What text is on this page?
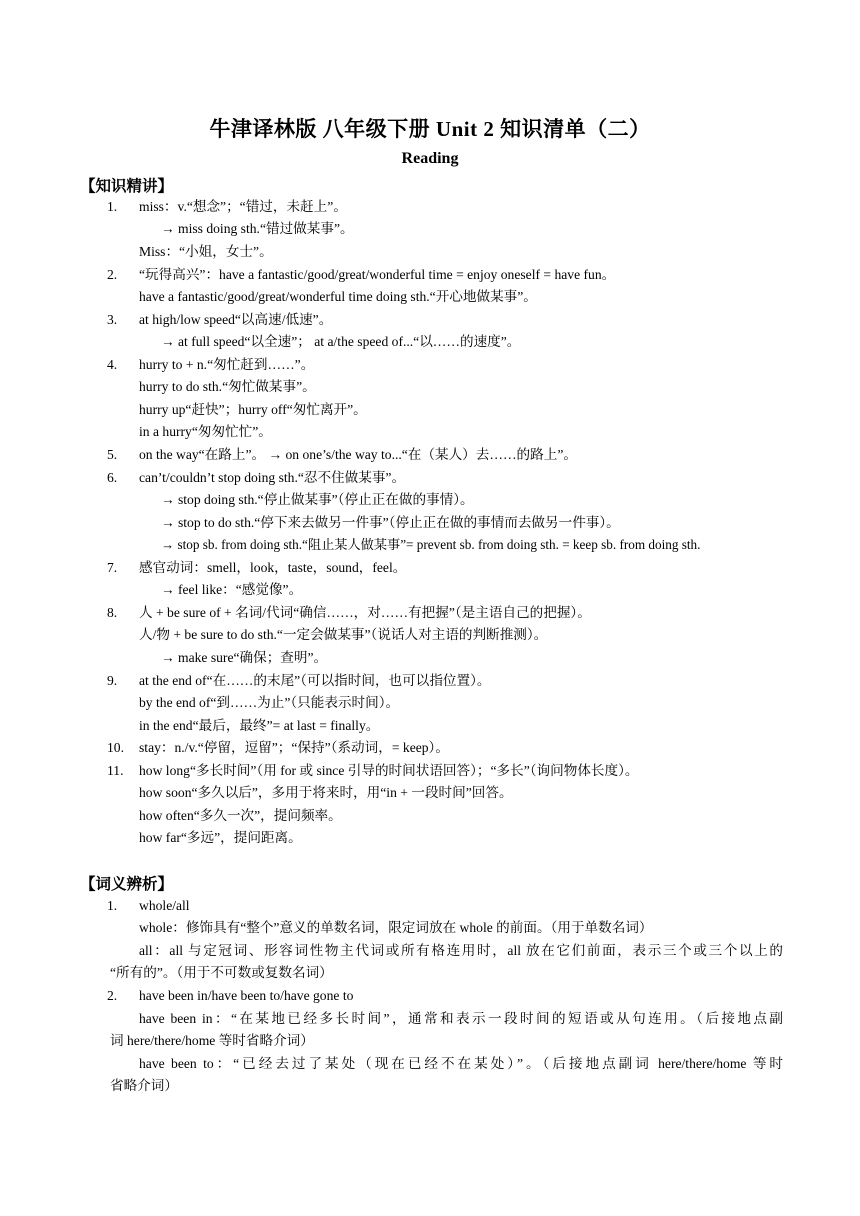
牛津译林版 八年级下册 Unit 2 知识清单（二）
Reading
【知识精讲】
1. miss：v.“想念”；“错过，未赶上”。
→ miss doing sth.“错过做某事”。
Miss：“小姐，女士”。
2. “玩得高兴”：have a fantastic/good/great/wonderful time = enjoy oneself = have fun。
have a fantastic/good/great/wonderful time doing sth.“开心地做某事”。
3. at high/low speed“以高速/低速”。
→ at full speed“以全速”； at a/the speed of...“以……的速度”。
4. hurry to + n.“匆忙赶到……”。
hurry to do sth.“匆忙做某事”。
hurry up“赶快”；hurry off“匆忙离开”。
in a hurry“匆匆忙忙”。
5. on the way“在路上”。 → on one’s/the way to...“在（某人）去……的路上”。
6. can’t/couldn’t stop doing sth.“忍不住做某事”。
→ stop doing sth.“停止做某事”（停止正在做的事情）。
→ stop to do sth.“停下来去做另一件事”（停止正在做的事情而去做另一件事）。
→ stop sb. from doing sth.“阻止某人做某事”= prevent sb. from doing sth. = keep sb. from doing sth.
7. 感官动词：smell，look，taste，sound，feel。
→ feel like：“感觉像”。
8. 人 + be sure of + 名词/代词“确信……，对……有把握”（是主语自己的把握）。
人/物 + be sure to do sth.“一定会做某事”（说话人对主语的判断推测）。
→ make sure“确保；查明”。
9. at the end of“在……的末尾”（可以指时间，也可以指位置）。
by the end of“到……为止”（只能表示时间）。
in the end“最后，最终”= at last = finally。
10. stay：n./v.“停留，逗留”；“保持”（系动词，= keep）。
11. how long“多长时间”（用 for 或 since 引导的时间状语回答）；“多长”（询问物体长度）。
how soon“多久以后”，多用于将来时，用“in + 一段时间”回答。
how often“多久一次”，提问频率。
how far“多远”，提问距离。
【词义辨析】
1. whole/all
whole：修饰具有“整个”意义的单数名词，限定词放在 whole 的前面。（用于单数名词）
all：all 与定冠词、形容词性物主代词或所有格连用时，all 放在它们前面，表示三个或三个以上的
“所有的”。（用于不可数或复数名词）
2. have been in/have been to/have gone to
have been in：“在某地已经多长时间”，通常和表示一段时间的短语或从句连用。（后接地点副
词 here/there/home 等时省略介词）
have been to：“已经去过了某处（现在已经不在某处）”。（后接地点副词 here/there/home 等时
省略介词）
